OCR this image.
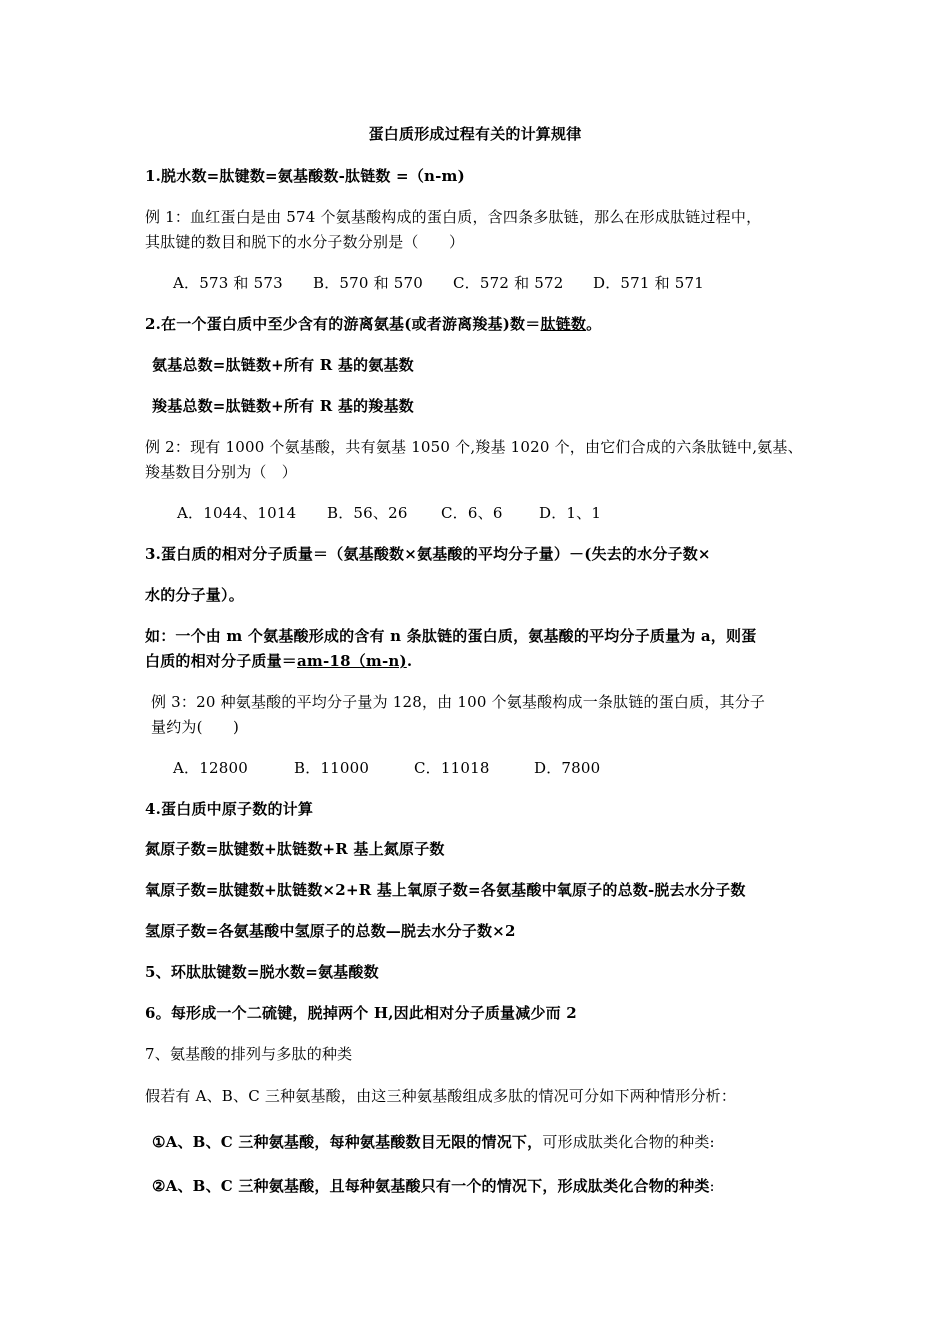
蛋白质形成过程有关的计算规律
1.脱水数=肽键数=氨基酸数-肽链数 =（n-m)
例 1：血红蛋白是由 574 个氨基酸构成的蛋白质，含四条多肽链，那么在形成肽链过程中，
其肽键的数目和脱下的水分子数分别是（　　）
A．573 和 573 B．570 和 570 C．572 和 572 D．571 和 571
2.在一个蛋白质中至少含有的游离氨基(或者游离羧基)数＝肽链数。
氨基总数=肽链数+所有 R 基的氨基数
羧基总数=肽链数+所有 R 基的羧基数
例 2：现有 1000 个氨基酸，共有氨基 1050 个,羧基 1020 个，由它们合成的六条肽链中,氨基、
羧基数目分别为（　）
A．1044、1014 B．56、26 C．6、6 D．1、1
3.蛋白质的相对分子质量＝（氨基酸数×氨基酸的平均分子量）－(失去的水分子数×
水的分子量）。
如：一个由 m 个氨基酸形成的含有 n 条肽链的蛋白质，氨基酸的平均分子质量为 a，则蛋
白质的相对分子质量＝am-18（m-n).
例 3：20 种氨基酸的平均分子量为 128，由 100 个氨基酸构成一条肽链的蛋白质，其分子
量约为(　　)
A．12800	B．11000	C．11018	D．7800
4.蛋白质中原子数的计算
氮原子数=肽键数+肽链数+R 基上氮原子数
氧原子数=肽键数+肽链数×2+R 基上氧原子数=各氨基酸中氧原子的总数-脱去水分子数
氢原子数=各氨基酸中氢原子的总数—脱去水分子数×2
5、环肽肽键数=脱水数=氨基酸数
6。每形成一个二硫键，脱掉两个 H,因此相对分子质量减少而 2
7、氨基酸的排列与多肽的种类
假若有 A、B、C 三种氨基酸，由这三种氨基酸组成多肽的情况可分如下两种情形分析：
①A、B、C 三种氨基酸，每种氨基酸数目无限的情况下，可形成肽类化合物的种类:
②A、B、C 三种氨基酸，且每种氨基酸只有一个的情况下，形成肽类化合物的种类:
